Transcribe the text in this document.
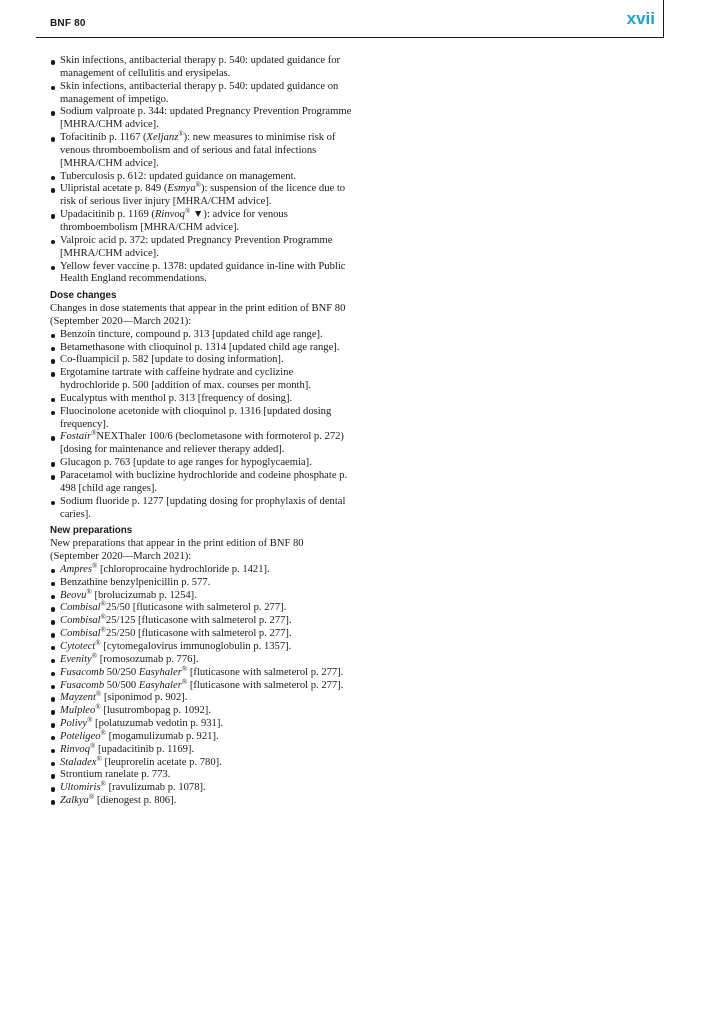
BNF 80	xvii
Skin infections, antibacterial therapy p. 540: updated guidance for management of cellulitis and erysipelas.
Skin infections, antibacterial therapy p. 540: updated guidance on management of impetigo.
Sodium valproate p. 344: updated Pregnancy Prevention Programme [MHRA/CHM advice].
Tofacitinib p. 1167 (Xeljanz®): new measures to minimise risk of venous thromboembolism and of serious and fatal infections [MHRA/CHM advice].
Tuberculosis p. 612: updated guidance on management.
Ulipristal acetate p. 849 (Esmya®): suspension of the licence due to risk of serious liver injury [MHRA/CHM advice].
Upadacitinib p. 1169 (Rinvoq® ▼): advice for venous thromboembolism [MHRA/CHM advice].
Valproic acid p. 372: updated Pregnancy Prevention Programme [MHRA/CHM advice].
Yellow fever vaccine p. 1378: updated guidance in-line with Public Health England recommendations.
Dose changes

Changes in dose statements that appear in the print edition of BNF 80 (September 2020—March 2021):

Benzoin tincture, compound p. 313 [updated child age range].
Betamethasone with clioquinol p. 1314 [updated child age range].
Co-fluampicil p. 582 [update to dosing information].
Ergotamine tartrate with caffeine hydrate and cyclizine hydrochloride p. 500 [addition of max. courses per month].
Eucalyptus with menthol p. 313 [frequency of dosing].
Fluocinolone acetonide with clioquinol p. 1316 [updated dosing frequency].
Fostair®NEXThaler 100/6 (beclometasone with formoterol p. 272) [dosing for maintenance and reliever therapy added].
Glucagon p. 763 [update to age ranges for hypoglycaemia].
Paracetamol with buclizine hydrochloride and codeine phosphate p. 498 [child age ranges].
Sodium fluoride p. 1277 [updating dosing for prophylaxis of dental caries].
New preparations

New preparations that appear in the print edition of BNF 80 (September 2020—March 2021):

Ampres® [chloroprocaine hydrochloride p. 1421].
Benzathine benzylpenicillin p. 577.
Beovu® [brolucizumab p. 1254].
Combisal®25/50 [fluticasone with salmeterol p. 277].
Combisal®25/125 [fluticasone with salmeterol p. 277].
Combisal®25/250 [fluticasone with salmeterol p. 277].
Cytotect® [cytomegalovirus immunoglobulin p. 1357].
Evenity® [romosozumab p. 776].
Fusacomb 50/250 Easyhaler® [fluticasone with salmeterol p. 277].
Fusacomb 50/500 Easyhaler® [fluticasone with salmeterol p. 277].
Mayzent® [siponimod p. 902].
Mulpleo® [lusutrombopag p. 1092].
Polivy® [polatuzumab vedotin p. 931].
Poteligeo® [mogamulizumab p. 921].
Rinvoq® [upadacitinib p. 1169].
Staladex® [leuprorelin acetate p. 780].
Strontium ranelate p. 773.
Ultomiris® [ravulizumab p. 1078].
Zalkya® [dienogest p. 806].
